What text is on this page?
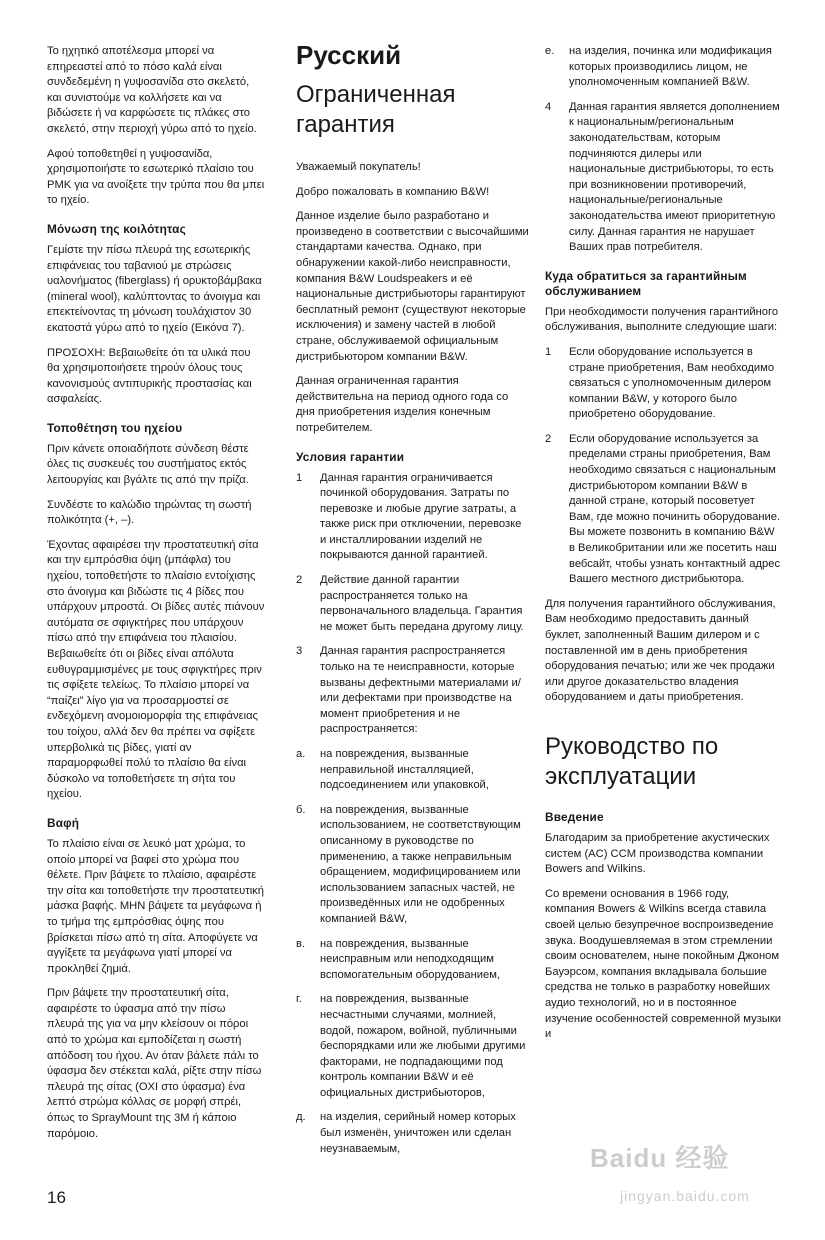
Το ηχητικό αποτέλεσμα μπορεί να επηρεαστεί από το πόσο καλά είναι συνδεδεμένη η γυψοσανίδα στο σκελετό, και συνιστούμε να κολλήσετε και να βιδώσετε ή να καρφώσετε τις πλάκες στο σκελετό, στην περιοχή γύρω από το ηχείο.

Αφού τοποθετηθεί η γυψοσανίδα, χρησιμοποιήστε το εσωτερικό πλαίσιο του PMK για να ανοίξετε την τρύπα που θα μπει το ηχείο.

Μόνωση της κοιλότητας

Γεμίστε την πίσω πλευρά της εσωτερικής επιφάνειας του ταβανιού με στρώσεις υαλονήματος (fiberglass) ή ορυκτοβάμβακα (mineral wool), καλύπτοντας το άνοιγμα και επεκτείνοντας τη μόνωση τουλάχιστον 30 εκατοστά γύρω από το ηχείο (Εικόνα 7).

ΠΡΟΣΟΧΗ: Βεβαιωθείτε ότι τα υλικά που θα χρησιμοποιήσετε τηρούν όλους τους κανονισμούς αντιπυρικής προστασίας και ασφαλείας.

Τοποθέτηση του ηχείου

Πριν κάνετε οποιαδήποτε σύνδεση θέστε όλες τις συσκευές του συστήματος εκτός λειτουργίας και βγάλτε τις από την πρίζα.

Συνδέστε το καλώδιο τηρώντας τη σωστή πολικότητα (+, –).

Έχοντας αφαιρέσει την προστατευτική σίτα και την εμπρόσθια όψη (μπάφλα) του ηχείου, τοποθετήστε το πλαίσιο εντοίχισης στο άνοιγμα και βιδώστε τις 4 βίδες που υπάρχουν μπροστά. Οι βίδες αυτές πιάνουν αυτόματα σε σφιγκτήρες που υπάρχουν πίσω από την επιφάνεια του πλαισίου. Βεβαιωθείτε ότι οι βίδες είναι απόλυτα ευθυγραμμισμένες με τους σφιγκτήρες πριν τις σφίξετε τελείως. Το πλαίσιο μπορεί να “παίζει” λίγο για να προσαρμοστεί σε ενδεχόμενη ανομοιομορφία της επιφάνειας του τοίχου, αλλά δεν θα πρέπει να σφίξετε υπερβολικά τις βίδες, γιατί αν παραμορφωθεί πολύ το πλαίσιο θα είναι δύσκολο να τοποθετήσετε τη σήτα του ηχείου.

Βαφή

Το πλαίσιο είναι σε λευκό ματ χρώμα, το οποίο μπορεί να βαφεί στο χρώμα που θέλετε. Πριν βάψετε το πλαίσιο, αφαιρέστε την σίτα και τοποθετήστε την προστατευτική μάσκα βαφής. ΜΗΝ βάψετε τα μεγάφωνα ή το τμήμα της εμπρόσθιας όψης που βρίσκεται πίσω από τη σίτα. Αποφύγετε να αγγίξετε τα μεγάφωνα γιατί μπορεί να προκληθεί ζημιά.

Πριν βάψετε την προστατευτική σίτα, αφαιρέστε το ύφασμα από την πίσω πλευρά της για να μην κλείσουν οι πόροι από το χρώμα και εμποδίζεται η σωστή απόδοση του ήχου. Αν όταν βάλετε πάλι το ύφασμα δεν στέκεται καλά, ρίξτε στην πίσω πλευρά της σίτας (ΟΧΙ στο ύφασμα) ένα λεπτό στρώμα κόλλας σε μορφή σπρέι, όπως το SprayMount της 3M ή κάποιο παρόμοιο.

Русский
Ограниченная гарантия

Уважаемый покупатель!

Добро пожаловать в компанию B&W!

Данное изделие было разработано и произведено в соответствии с высочайшими стандартами качества. Однако, при обнаружении какой-либо неисправности, компания B&W Loudspeakers и её национальные дистрибьюторы гарантируют бесплатный ремонт (существуют некоторые исключения) и замену частей в любой стране, обслуживаемой официальным дистрибьютором компании B&W.

Данная ограниченная гарантия действительна на период одного года со дня приобретения изделия конечным потребителем.

Условия гарантии
1	Данная гарантия ограничивается починкой оборудования. Затраты по перевозке и любые другие затраты, а также риск при отключении, перевозке и инсталлировании изделий не покрываются данной гарантией.
2	Действие данной гарантии распространяется только на первоначального владельца. Гарантия не может быть передана другому лицу.
3	Данная гарантия распространяется только на те неисправности, которые вызваны дефектными материалами и/или дефектами при производстве на момент приобретения и не распространяется:
а.	на повреждения, вызванные неправильной инсталляцией, подсоединением или упаковкой,
б.	на повреждения, вызванные использованием, не соответствующим описанному в руководстве по применению, а также неправильным обращением, модифицированием или использованием запасных частей, не произведённых или не одобренных компанией B&W,
в.	на повреждения, вызванные неисправным или неподходящим вспомогательным оборудованием,
г.	на повреждения, вызванные несчастными случаями, молнией, водой, пожаром, войной, публичными беспорядками или же любыми другими факторами, не подпадающими под контроль компании B&W и её официальных дистрибьюторов,
д.	на изделия, серийный номер которых был изменён, уничтожен или сделан неузнаваемым,
е.	на изделия, починка или модификация которых производились лицом, не уполномоченным компанией B&W.
4	Данная гарантия является дополнением к национальным/региональным законодательствам, которым подчиняются дилеры или национальные дистрибьюторы, то есть при возникновении противоречий, национальные/региональные законодательства имеют приоритетную силу. Данная гарантия не нарушает Ваших прав потребителя.
Куда обратиться за гарантийным обслуживанием

При необходимости получения гарантийного обслуживания, выполните следующие шаги:

1	Если оборудование используется в стране приобретения, Вам необходимо связаться с уполномоченным дилером компании B&W, у которого было приобретено оборудование.
2	Если оборудование используется за пределами страны приобретения, Вам необходимо связаться с национальным дистрибьютором компании B&W в данной стране, который посоветует Вам, где можно починить оборудование. Вы можете позвонить в компанию B&W в Великобритании или же посетить наш вебсайт, чтобы узнать контактный адрес Вашего местного дистрибьютора.

Для получения гарантийного обслуживания, Вам необходимо предоставить данный буклет, заполненный Вашим дилером и с поставленной им в день приобретения оборудования печатью; или же чек продажи или другое доказательство владения оборудованием и даты приобретения.

Руководство по эксплуатации
Введение

Благодарим за приобретение акустических систем (AC) CCM производства компании Bowers and Wilkins.

Со времени основания в 1966 году, компания Bowers & Wilkins всегда ставила своей целью безупречное воспроизведение звука. Воодушевляемая в этом стремлении своим основателем, ныне покойным Джоном Бауэрсом, компания вкладывала большие средства не только в разработку новейших аудио технологий, но и в постоянное изучение особенностей современной музыки и

16
Baidu 经验
jingyan.baidu.com
